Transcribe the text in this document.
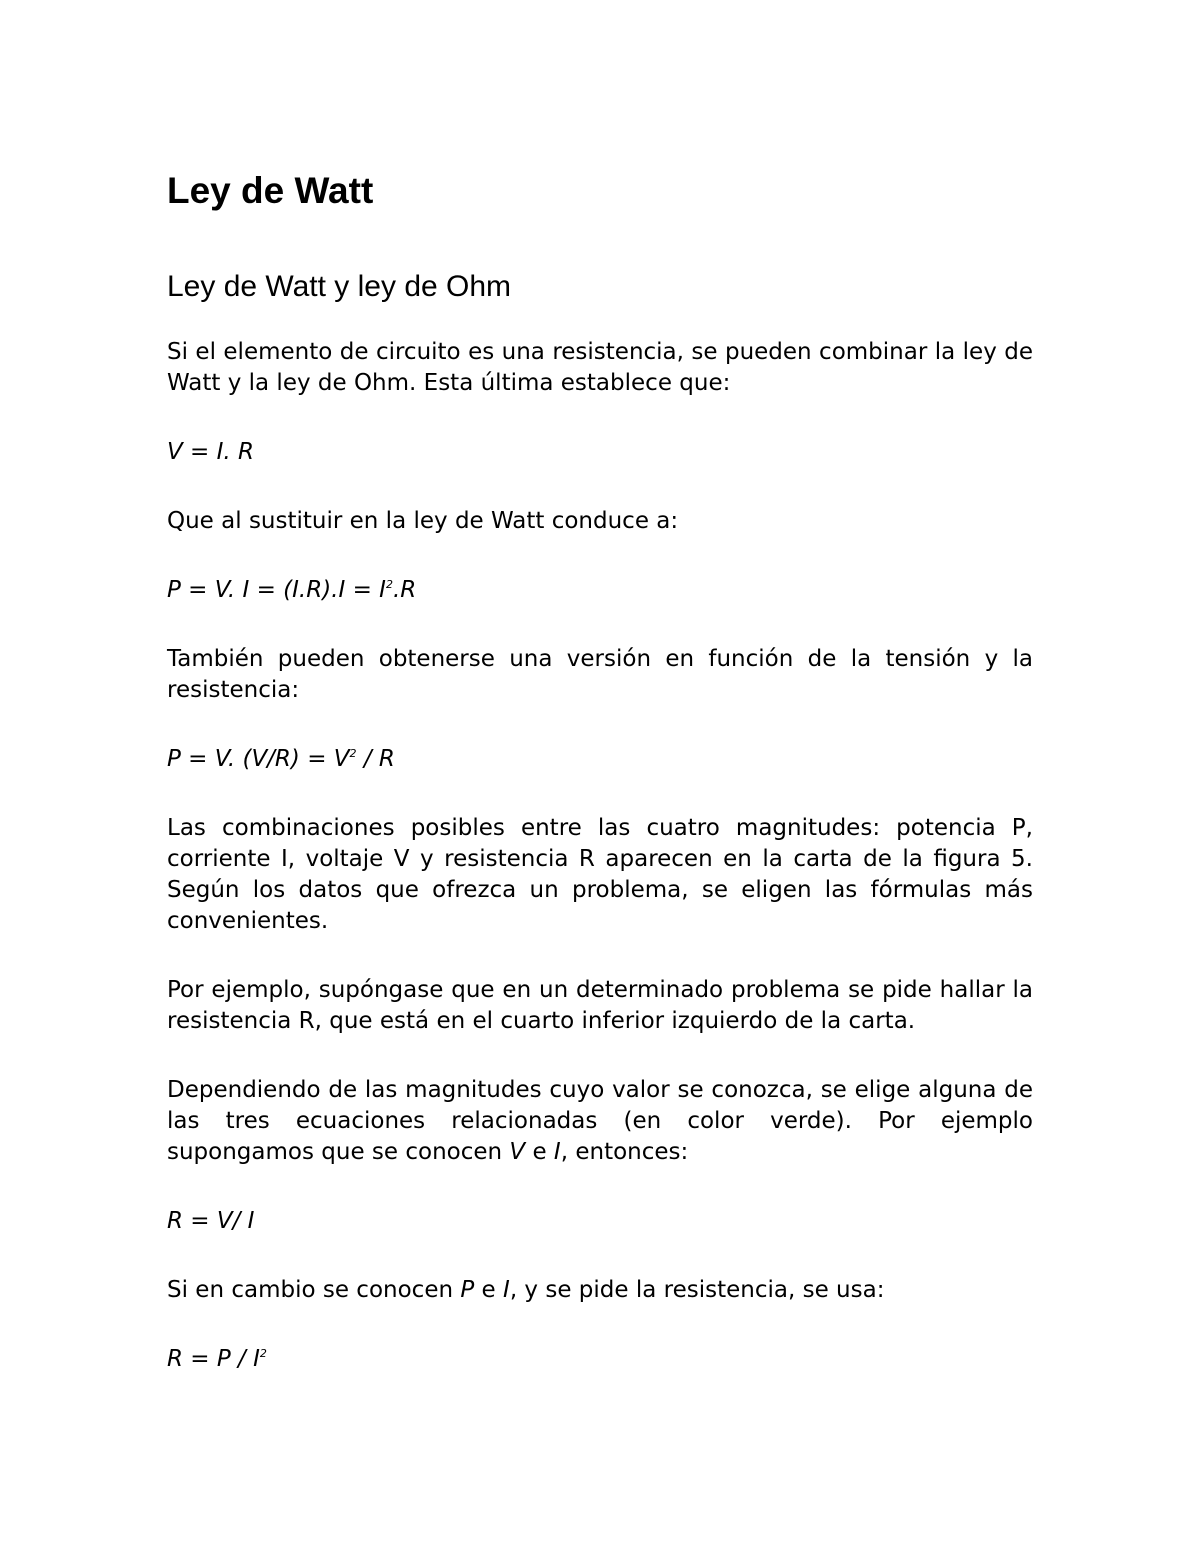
Ley de Watt
Ley de Watt y ley de Ohm

Si el elemento de circuito es una resistencia, se pueden combinar la ley de Watt y la ley de Ohm. Esta última establece que:

V = I. R

Que al sustituir en la ley de Watt conduce a:

P = V. $I = (I.R).I = I^2.R$

También pueden obtenerse una versión en función de la tensión y la resistencia:

P = V. $(V/R) = V^2 / R$

Las combinaciones posibles entre las cuatro magnitudes: potencia P, corriente I, voltaje V y resistencia R aparecen en la carta de la figura 5. Según los datos que ofrezca un problema, se eligen las fórmulas más convenientes.

Por ejemplo, supóngase que en un determinado problema se pide hallar la resistencia R, que está en el cuarto inferior izquierdo de la carta.

Dependiendo de las magnitudes cuyo valor se conozca, se elige alguna de las tres ecuaciones relacionadas (en color verde). Por ejemplo supongamos que se conocen V e I, entonces:

R = V/ I

Si en cambio se conocen P e I, y se pide la resistencia, se usa:

$R = P / I^2$
